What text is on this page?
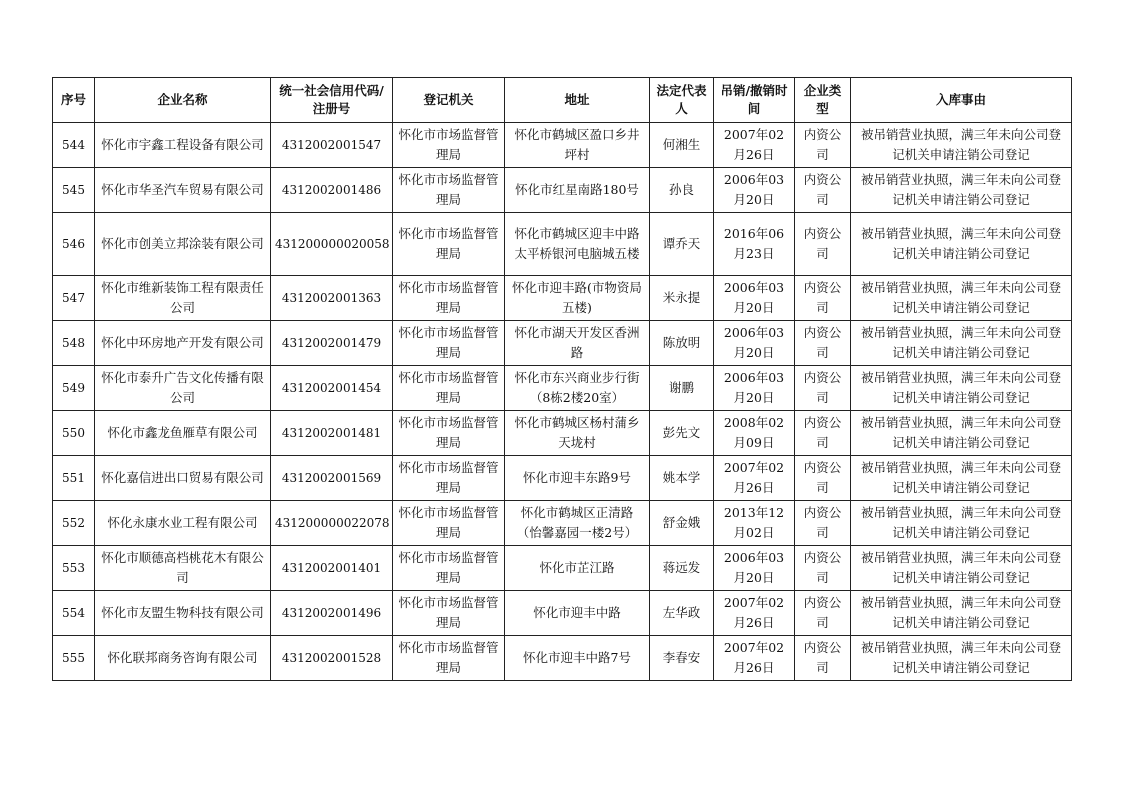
序号	企业名称	统一社会信用代码/注册号	登记机关	地址	法定代表人	吊销/撤销时间	企业类型	入库事由
544	怀化市宇鑫工程设备有限公司	4312002001547	怀化市市场监督管理局	怀化市鹤城区盈口乡井坪村	何湘生	2007年02月26日	内资公司	被吊销营业执照，满三年未向公司登记机关申请注销公司登记
545	怀化市华圣汽车贸易有限公司	4312002001486	怀化市市场监督管理局	怀化市红星南路180号	孙良	2006年03月20日	内资公司	被吊销营业执照，满三年未向公司登记机关申请注销公司登记
546	怀化市创美立邦涂装有限公司	431200000020058	怀化市市场监督管理局	怀化市鹤城区迎丰中路太平桥银河电脑城五楼	谭乔天	2016年06月23日	内资公司	被吊销营业执照，满三年未向公司登记机关申请注销公司登记
547	怀化市维新装饰工程有限责任公司	4312002001363	怀化市市场监督管理局	怀化市迎丰路(市物资局五楼)	米永提	2006年03月20日	内资公司	被吊销营业执照，满三年未向公司登记机关申请注销公司登记
548	怀化中环房地产开发有限公司	4312002001479	怀化市市场监督管理局	怀化市湖天开发区香洲路	陈放明	2006年03月20日	内资公司	被吊销营业执照，满三年未向公司登记机关申请注销公司登记
549	怀化市泰升广告文化传播有限公司	4312002001454	怀化市市场监督管理局	怀化市东兴商业步行街（8栋2楼20室）	谢鹏	2006年03月20日	内资公司	被吊销营业执照，满三年未向公司登记机关申请注销公司登记
550	怀化市鑫龙鱼雁草有限公司	4312002001481	怀化市市场监督管理局	怀化市鹤城区杨村蒲乡天垅村	彭先文	2008年02月09日	内资公司	被吊销营业执照，满三年未向公司登记机关申请注销公司登记
551	怀化嘉信进出口贸易有限公司	4312002001569	怀化市市场监督管理局	怀化市迎丰东路9号	姚本学	2007年02月26日	内资公司	被吊销营业执照，满三年未向公司登记机关申请注销公司登记
552	怀化永康水业工程有限公司	431200000022078	怀化市市场监督管理局	怀化市鹤城区正清路（怡馨嘉园一楼2号）	舒金娥	2013年12月02日	内资公司	被吊销营业执照，满三年未向公司登记机关申请注销公司登记
553	怀化市顺德高档桃花木有限公司	4312002001401	怀化市市场监督管理局	怀化市芷江路	蒋远发	2006年03月20日	内资公司	被吊销营业执照，满三年未向公司登记机关申请注销公司登记
554	怀化市友盟生物科技有限公司	4312002001496	怀化市市场监督管理局	怀化市迎丰中路	左华政	2007年02月26日	内资公司	被吊销营业执照，满三年未向公司登记机关申请注销公司登记
555	怀化联邦商务咨询有限公司	4312002001528	怀化市市场监督管理局	怀化市迎丰中路7号	李春安	2007年02月26日	内资公司	被吊销营业执照，满三年未向公司登记机关申请注销公司登记
